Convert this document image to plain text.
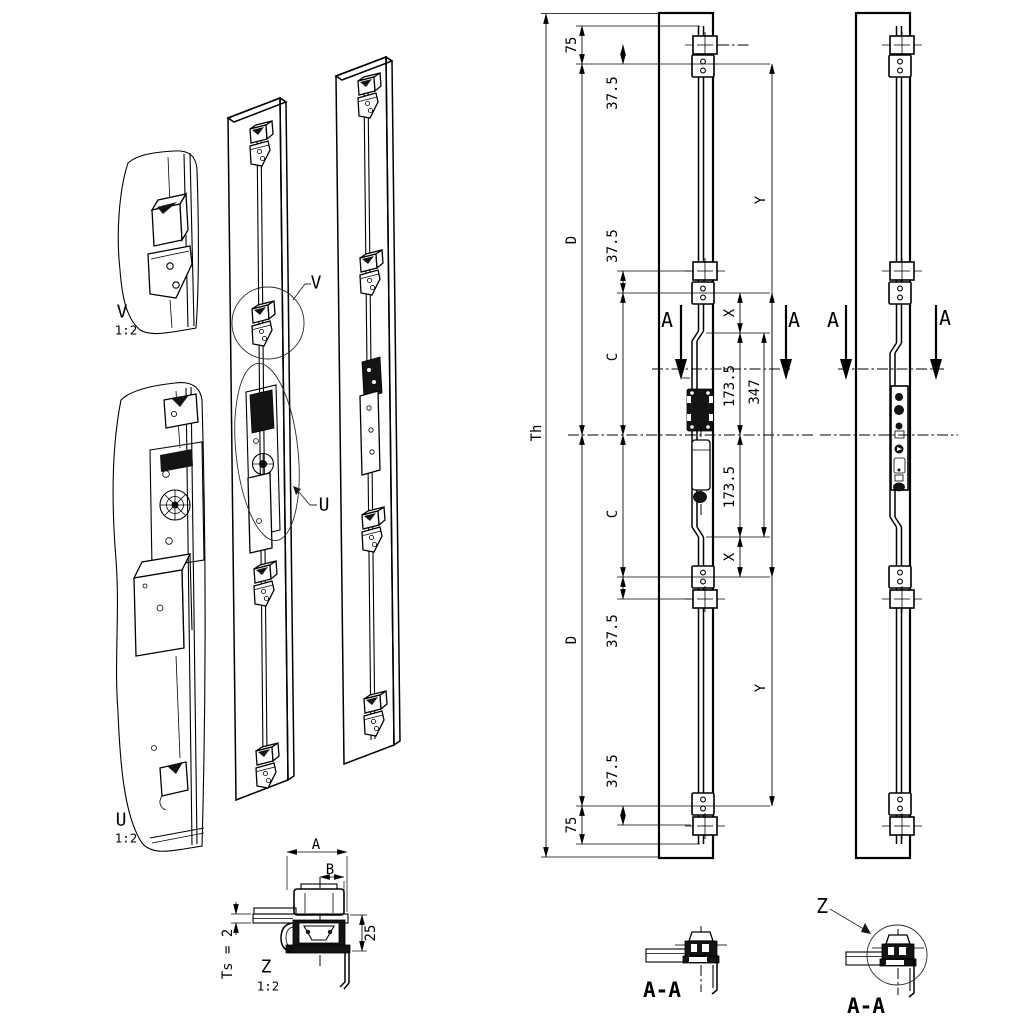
V
1:2
U
1:2
V
U
A	A
Th
75
D
D
75
37.5
37.5
C
C
37.5
37.5
X
173.5
173.5
X
347
Y
Y
A	A
A-A
Z
A-A
A
B
25
Ts = 2 Z
1:2
